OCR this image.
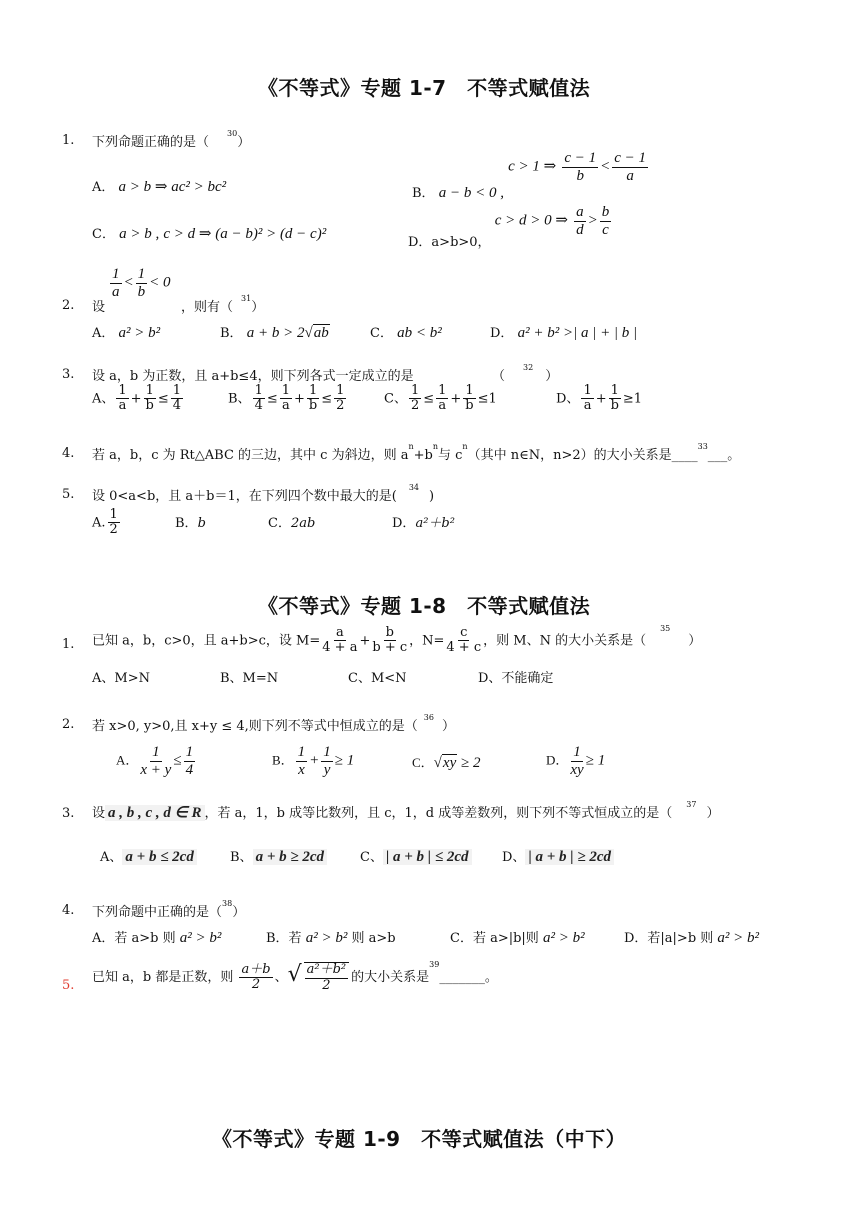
《不等式》专题 1-7　不等式赋值法
1. 下列命题正确的是（$^{30}$）
A． a > b ⇒ ac² > bc²	B． a − b < 0 , c > 1 ⇒ $\frac{c - 1}{b} < \frac{c - 1}{a}$
C． a > b , c > d ⇒ (a − b)² > (d − c)²	D．a>b>0， c > d > 0 ⇒ $\frac{a}{d} > \frac{b}{c}$
$\frac{1}{a} < \frac{1}{b} < 0$
2. 设	，则有（$^{31}$）
A． a² > b²	B． a + b > 2√ab	C． ab < b²	D． a² + b² >| a | + | b |
3. 设 a，b 为正数，且 a+b≤4，则下列各式一定成立的是	（$^{32}$）
A、 $\frac{1}{a} + \frac{1}{b} \le \frac{1}{4}$	B、 $\frac{1}{4} \le \frac{1}{a} + \frac{1}{b} \le \frac{1}{2}$	C、 $\frac{1}{2} \le \frac{1}{a} + \frac{1}{b} \le 1$	D、 $\frac{1}{a} + \frac{1}{b} \ge 1$
4. 若 a，b，c 为 Rt△ABC 的三边，其中 c 为斜边，则 $a^n+b^n$与 $c^n$（其中 n∈N，n>2）的大小关系是____$^{33}$___。
5. 设 0<a<b，且 a＋b＝1，在下列四个数中最大的是($^{34}$)
A. $\frac{1}{2}$	B．b	C．2ab	D．a²＋b²
《不等式》专题 1-8　不等式赋值法
1. 已知 a，b，c>0，且 a+b>c，设 $M= \frac{a}{4 + a} + \frac{b}{b + c}$ ，$N= \frac{c}{4 + c}$ ，则 M、N 的大小关系是（$^{35}$）
A、M>N	B、M=N	C、M<N	D、不能确定
2. 若 x>0, y>0,且 x+y ≤ 4,则下列不等式中恒成立的是（$^{36}$）
A． $\frac{1}{x + y} \le \frac{1}{4}$	B． $\frac{1}{x} + \frac{1}{y} \ge 1$	C．√xy ≥ 2	D． $\frac{1}{xy} \ge 1$
3. 设 a , b , c , d ∈ R ，若 a，1，b 成等比数列，且 c，1，d 成等差数列，则下列不等式恒成立的是（$^{37}$）
A、 a + b ≤ 2cd	B、 a + b ≥ 2cd	C、 | a + b | ≤ 2cd	D、 | a + b | ≥ 2cd
4. 下列命题中正确的是（$^{38}$）
A．若 a>b 则 a² > b²	B．若 a² > b² 则 a>b	C．若 a>|b|则 a² > b²	D．若|a|>b 则 a² > b²
5.
已知 a，b 都是正数，则 $\frac{a+b}{2}$ 、√ $\frac{\text{a²＋b²}}{2}$ 的大小关系是$^{39}$_______。
《不等式》专题 1-9　不等式赋值法（中下）
